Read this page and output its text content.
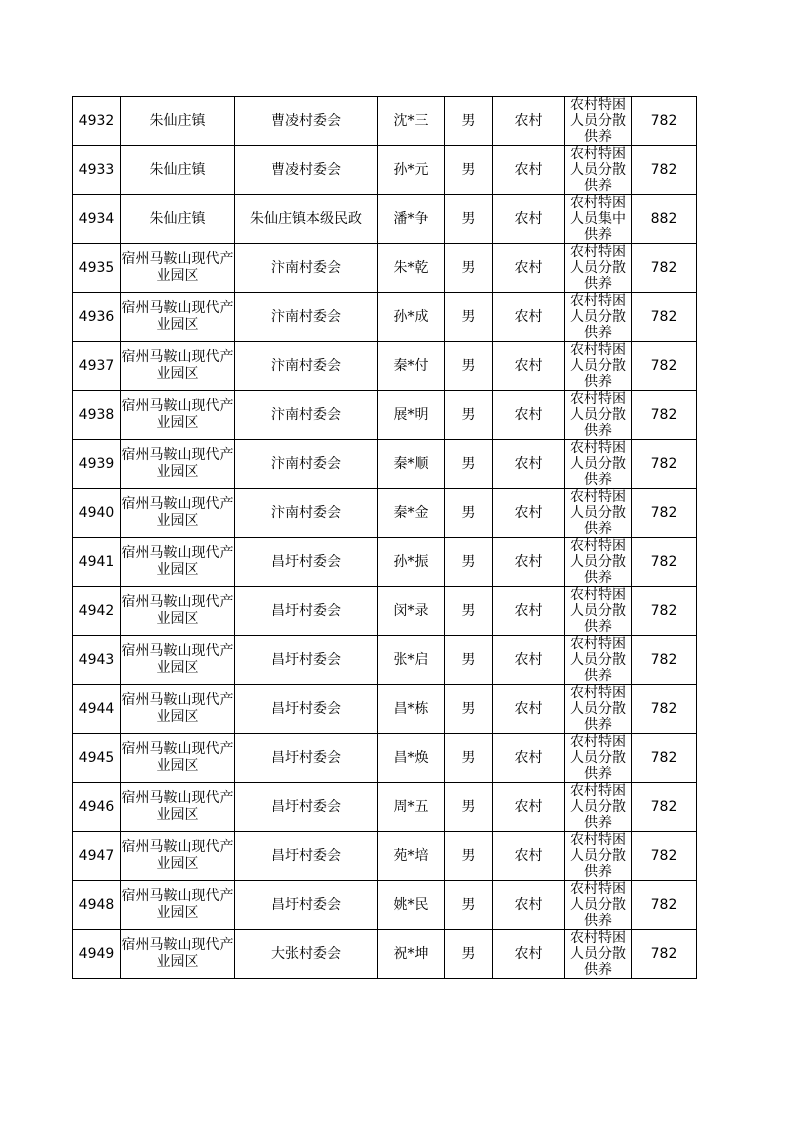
4932	朱仙庄镇	曹凌村委会	沈*三	男	农村	农村特困人员分散供养	782
4933	朱仙庄镇	曹凌村委会	孙*元	男	农村	农村特困人员分散供养	782
4934	朱仙庄镇	朱仙庄镇本级民政	潘*争	男	农村	农村特困人员集中供养	882
4935	宿州马鞍山现代产业园区	汴南村委会	朱*乾	男	农村	农村特困人员分散供养	782
4936	宿州马鞍山现代产业园区	汴南村委会	孙*成	男	农村	农村特困人员分散供养	782
4937	宿州马鞍山现代产业园区	汴南村委会	秦*付	男	农村	农村特困人员分散供养	782
4938	宿州马鞍山现代产业园区	汴南村委会	展*明	男	农村	农村特困人员分散供养	782
4939	宿州马鞍山现代产业园区	汴南村委会	秦*顺	男	农村	农村特困人员分散供养	782
4940	宿州马鞍山现代产业园区	汴南村委会	秦*金	男	农村	农村特困人员分散供养	782
4941	宿州马鞍山现代产业园区	昌圩村委会	孙*振	男	农村	农村特困人员分散供养	782
4942	宿州马鞍山现代产业园区	昌圩村委会	闵*录	男	农村	农村特困人员分散供养	782
4943	宿州马鞍山现代产业园区	昌圩村委会	张*启	男	农村	农村特困人员分散供养	782
4944	宿州马鞍山现代产业园区	昌圩村委会	昌*栋	男	农村	农村特困人员分散供养	782
4945	宿州马鞍山现代产业园区	昌圩村委会	昌*焕	男	农村	农村特困人员分散供养	782
4946	宿州马鞍山现代产业园区	昌圩村委会	周*五	男	农村	农村特困人员分散供养	782
4947	宿州马鞍山现代产业园区	昌圩村委会	苑*培	男	农村	农村特困人员分散供养	782
4948	宿州马鞍山现代产业园区	昌圩村委会	姚*民	男	农村	农村特困人员分散供养	782
4949	宿州马鞍山现代产业园区	大张村委会	祝*坤	男	农村	农村特困人员分散供养	782
